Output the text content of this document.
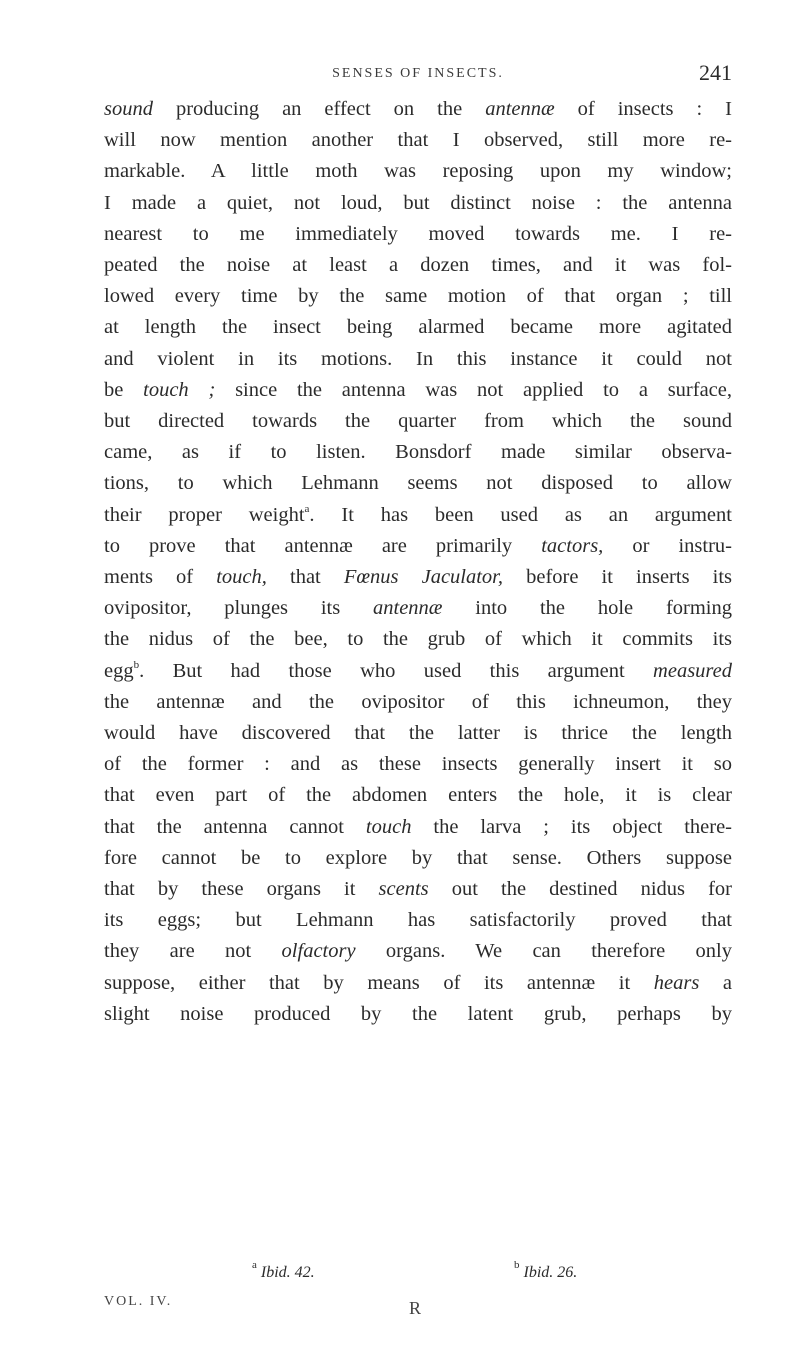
SENSES OF INSECTS.	241
sound producing an effect on the antennæ of insects : I
will now mention another that I observed, still more re-
markable. A little moth was reposing upon my window;
I made a quiet, not loud, but distinct noise : the antenna
nearest to me immediately moved towards me. I re-
peated the noise at least a dozen times, and it was fol-
lowed every time by the same motion of that organ ; till
at length the insect being alarmed became more agitated
and violent in its motions. In this instance it could not
be touch ; since the antenna was not applied to a surface,
but directed towards the quarter from which the sound
came, as if to listen. Bonsdorf made similar observa-
tions, to which Lehmann seems not disposed to allow
their proper weight$^a$. It has been used as an argument
to prove that antennæ are primarily tactors, or instru-
ments of touch, that Fœnus Jaculator, before it inserts its
ovipositor, plunges its antennæ into the hole forming
the nidus of the bee, to the grub of which it commits its
egg$^b$. But had those who used this argument measured
the antennæ and the ovipositor of this ichneumon, they
would have discovered that the latter is thrice the length
of the former : and as these insects generally insert it so
that even part of the abdomen enters the hole, it is clear
that the antenna cannot touch the larva ; its object there-
fore cannot be to explore by that sense. Others suppose
that by these organs it scents out the destined nidus for
its eggs; but Lehmann has satisfactorily proved that
they are not olfactory organs. We can therefore only
suppose, either that by means of its antennæ it hears a
slight noise produced by the latent grub, perhaps by
$^a$ Ibid. 42.	$^b$ Ibid. 26.
VOL. IV.	R
